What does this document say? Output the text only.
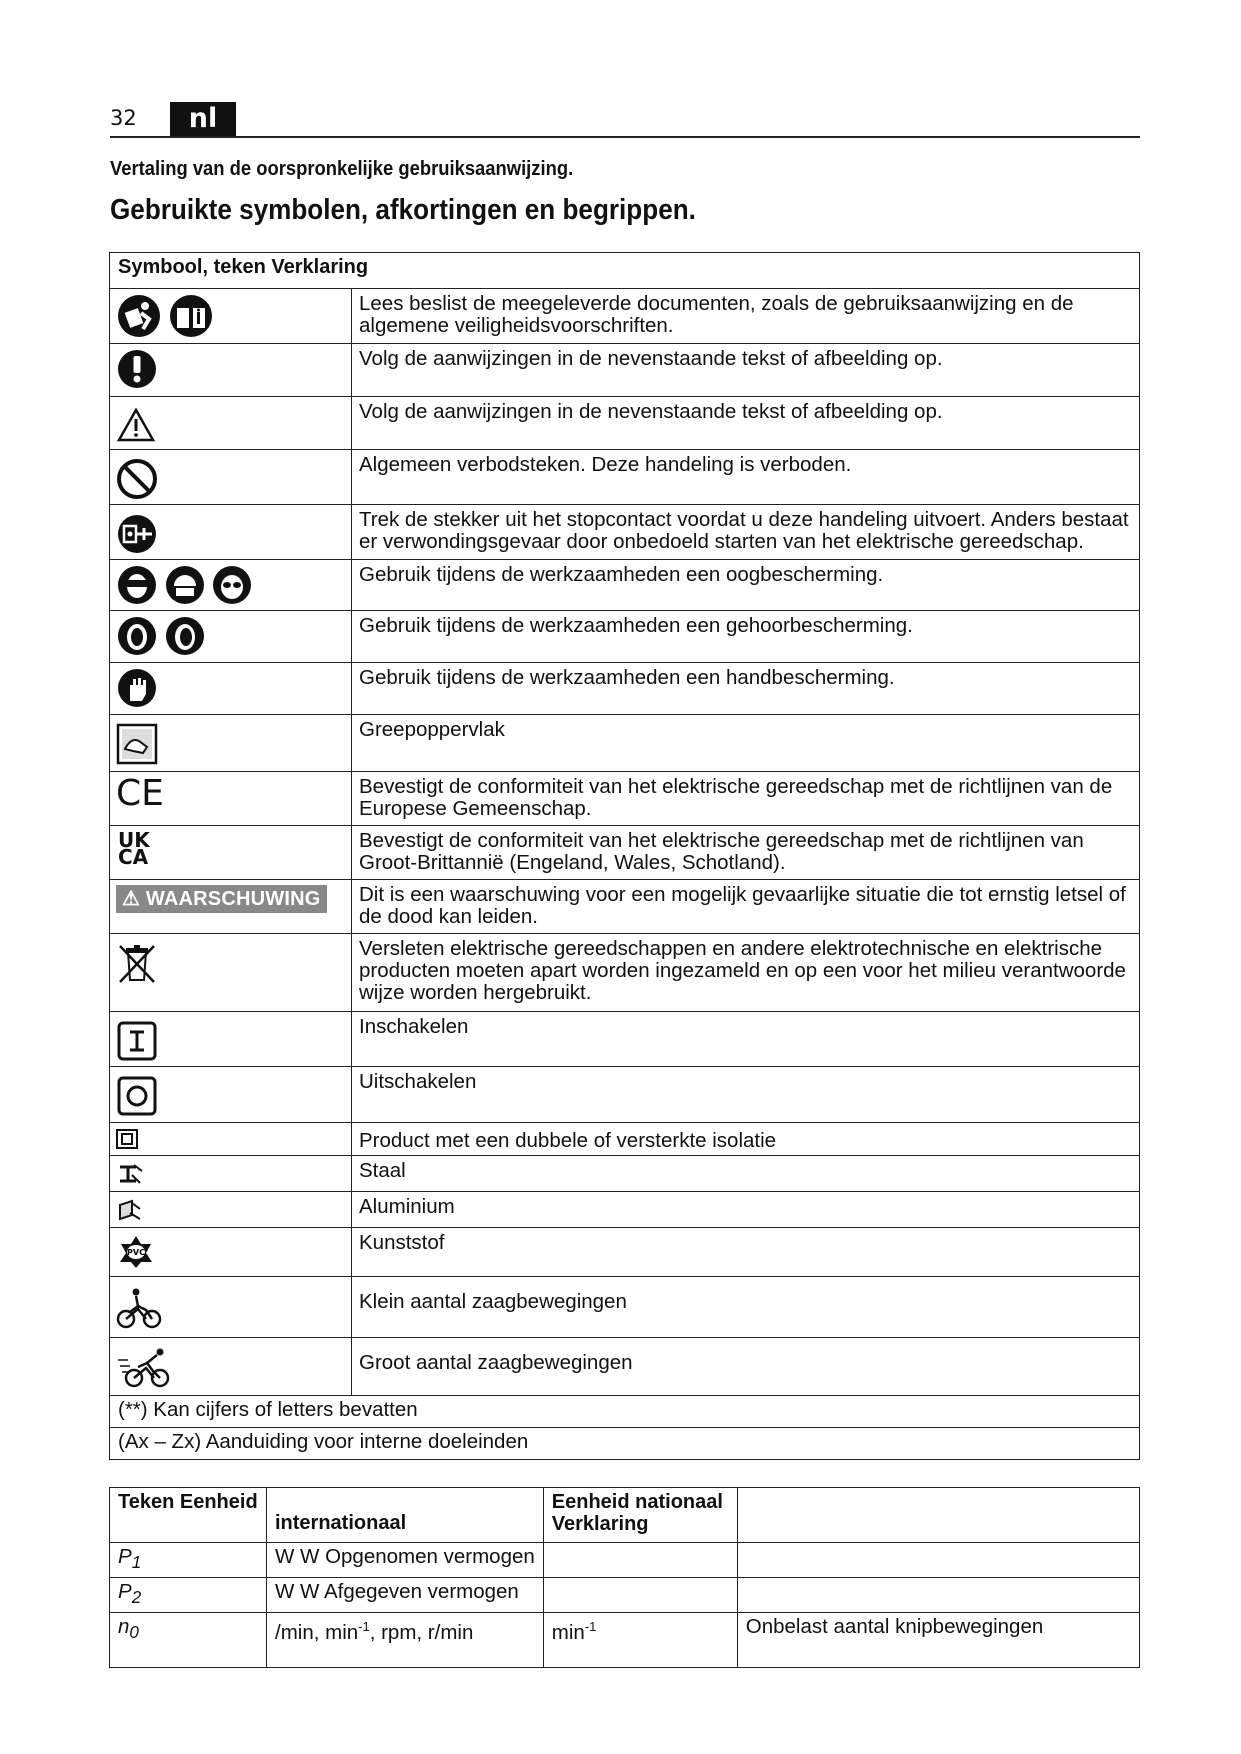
32	nl
Vertaling van de oorspronkelijke gebruiksaanwijzing.
Gebruikte symbolen, afkortingen en begrippen.
Symbool, teken Verklaring	

	Lees beslist de meegeleverde documenten, zoals de gebruiksaanwijzing en de algemene veiligheidsvoorschriften.

	Volg de aanwijzingen in de nevenstaande tekst of afbeelding op.

	Volg de aanwijzingen in de nevenstaande tekst of afbeelding op.

	Algemeen verbodsteken. Deze handeling is verboden.

	Trek de stekker uit het stopcontact voordat u deze handeling uitvoert. Anders bestaat er verwondingsgevaar door onbedoeld starten van het elektrische gereedschap.

	Gebruik tijdens de werkzaamheden een oogbescherming.

	Gebruik tijdens de werkzaamheden een gehoorbescherming.

	Gebruik tijdens de werkzaamheden een handbescherming.

	Greepoppervlak

CE	Bevestigt de conformiteit van het elektrische gereedschap met de richtlijnen van de Europese Gemeenschap.

UK
CA	Bevestigt de conformiteit van het elektrische gereedschap met de richtlijnen van Groot-Brittannië (Engeland, Wales, Schotland).
⚠ WAARSCHUWING	Dit is een waarschuwing voor een mogelijk gevaarlijke situatie die tot ernstig letsel of de dood kan leiden.

	Versleten elektrische gereedschappen en andere elektrotechnische en elektrische producten moeten apart worden ingezameld en op een voor het milieu verantwoorde wijze worden hergebruikt.

	Inschakelen

	Uitschakelen

	Product met een dubbele of versterkte isolatie

	Staal

	Aluminium

PVC	Kunststof

	Klein aantal zaagbewegingen

	Groot aantal zaagbewegingen
(**) Kan cijfers of letters bevatten	
(Ax – Zx) Aanduiding voor interne doeleinden	
Teken Eenheid	internationaal	Eenheid nationaal Verklaring	
$P_1$	W W Opgenomen vermogen		
$P_2$	W W Afgegeven vermogen		
$n_0$	/min, $\min^{-1}$, rpm, r/min	$\min^{-1}$	Onbelast aantal knipbewegingen
